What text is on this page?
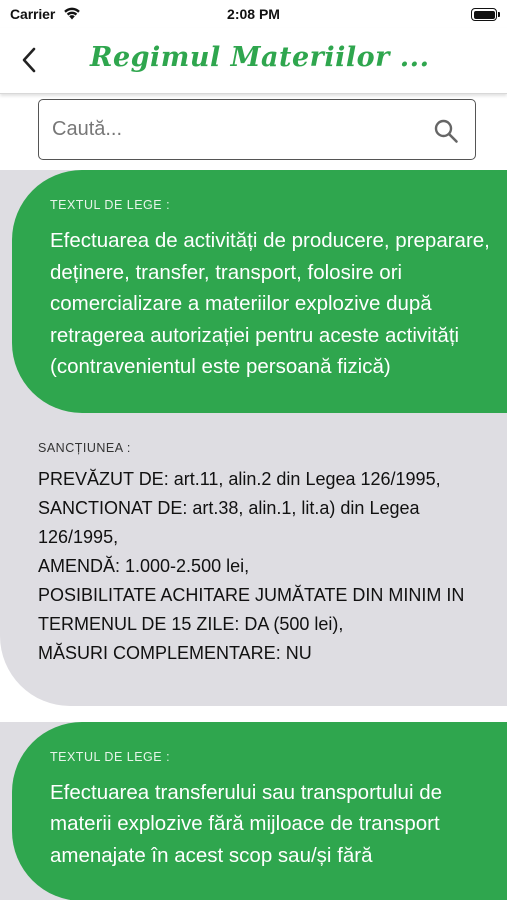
Carrier	2:08 PM
Regimul Materiilor ...
Caută...
TEXTUL DE LEGE :
Efectuarea de activități de producere, preparare, deținere, transfer, transport, folosire ori comercializare a materiilor explozive după retragerea autorizației pentru aceste activități (contravenientul este persoană fizică)
SANCȚIUNEA :
PREVĂZUT DE: art.11, alin.2 din Legea 126/1995,
SANCTIONAT DE: art.38, alin.1, lit.a) din Legea 126/1995,
AMENDĂ: 1.000-2.500 lei,
POSIBILITATE ACHITARE JUMĂTATE DIN MINIM IN TERMENUL DE 15 ZILE: DA (500 lei),
MĂSURI COMPLEMENTARE: NU
TEXTUL DE LEGE :
Efectuarea transferului sau transportului de materii explozive fără mijloace de transport amenajate în acest scop sau/și fără
